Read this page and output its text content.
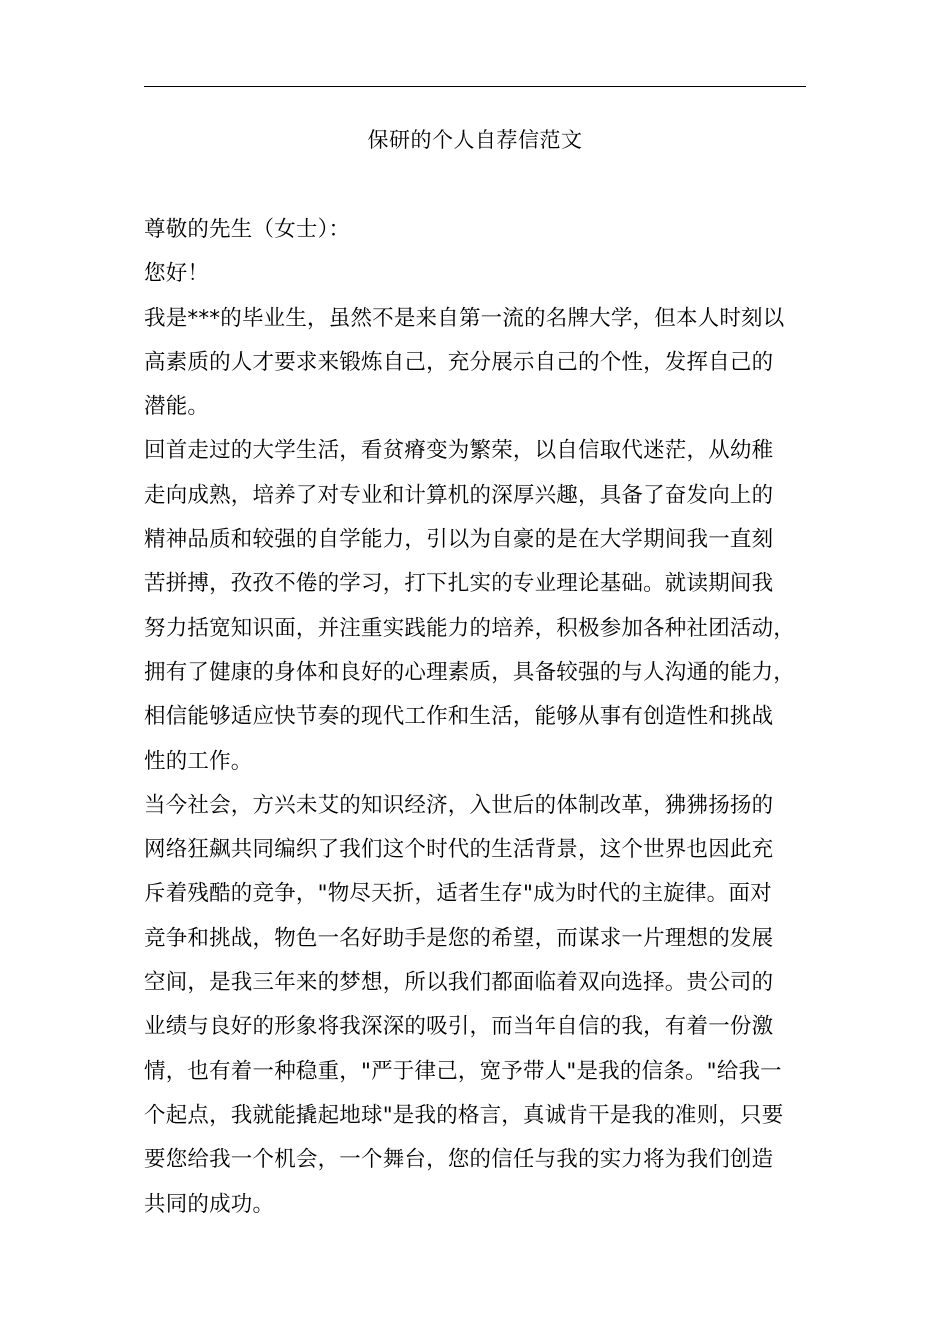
保研的个人自荐信范文
尊敬的先生（女士）：
您好！
我是***的毕业生，虽然不是来自第一流的名牌大学，但本人时刻以
高素质的人才要求来锻炼自己，充分展示自己的个性，发挥自己的
潜能。
回首走过的大学生活，看贫瘠变为繁荣，以自信取代迷茫，从幼稚
走向成熟，培养了对专业和计算机的深厚兴趣，具备了奋发向上的
精神品质和较强的自学能力，引以为自豪的是在大学期间我一直刻
苦拼搏，孜孜不倦的学习，打下扎实的专业理论基础。就读期间我
努力括宽知识面，并注重实践能力的培养，积极参加各种社团活动，
拥有了健康的身体和良好的心理素质，具备较强的与人沟通的能力，
相信能够适应快节奏的现代工作和生活，能够从事有创造性和挑战
性的工作。
当今社会，方兴未艾的知识经济，入世后的体制改革，狒狒扬扬的
网络狂飙共同编织了我们这个时代的生活背景，这个世界也因此充
斥着残酷的竞争，"物尽天折，适者生存"成为时代的主旋律。面对
竞争和挑战，物色一名好助手是您的希望，而谋求一片理想的发展
空间，是我三年来的梦想，所以我们都面临着双向选择。贵公司的
业绩与良好的形象将我深深的吸引，而当年自信的我，有着一份激
情，也有着一种稳重，"严于律己，宽予带人"是我的信条。"给我一
个起点，我就能撬起地球"是我的格言，真诚肯干是我的准则，只要
要您给我一个机会，一个舞台，您的信任与我的实力将为我们创造
共同的成功。
